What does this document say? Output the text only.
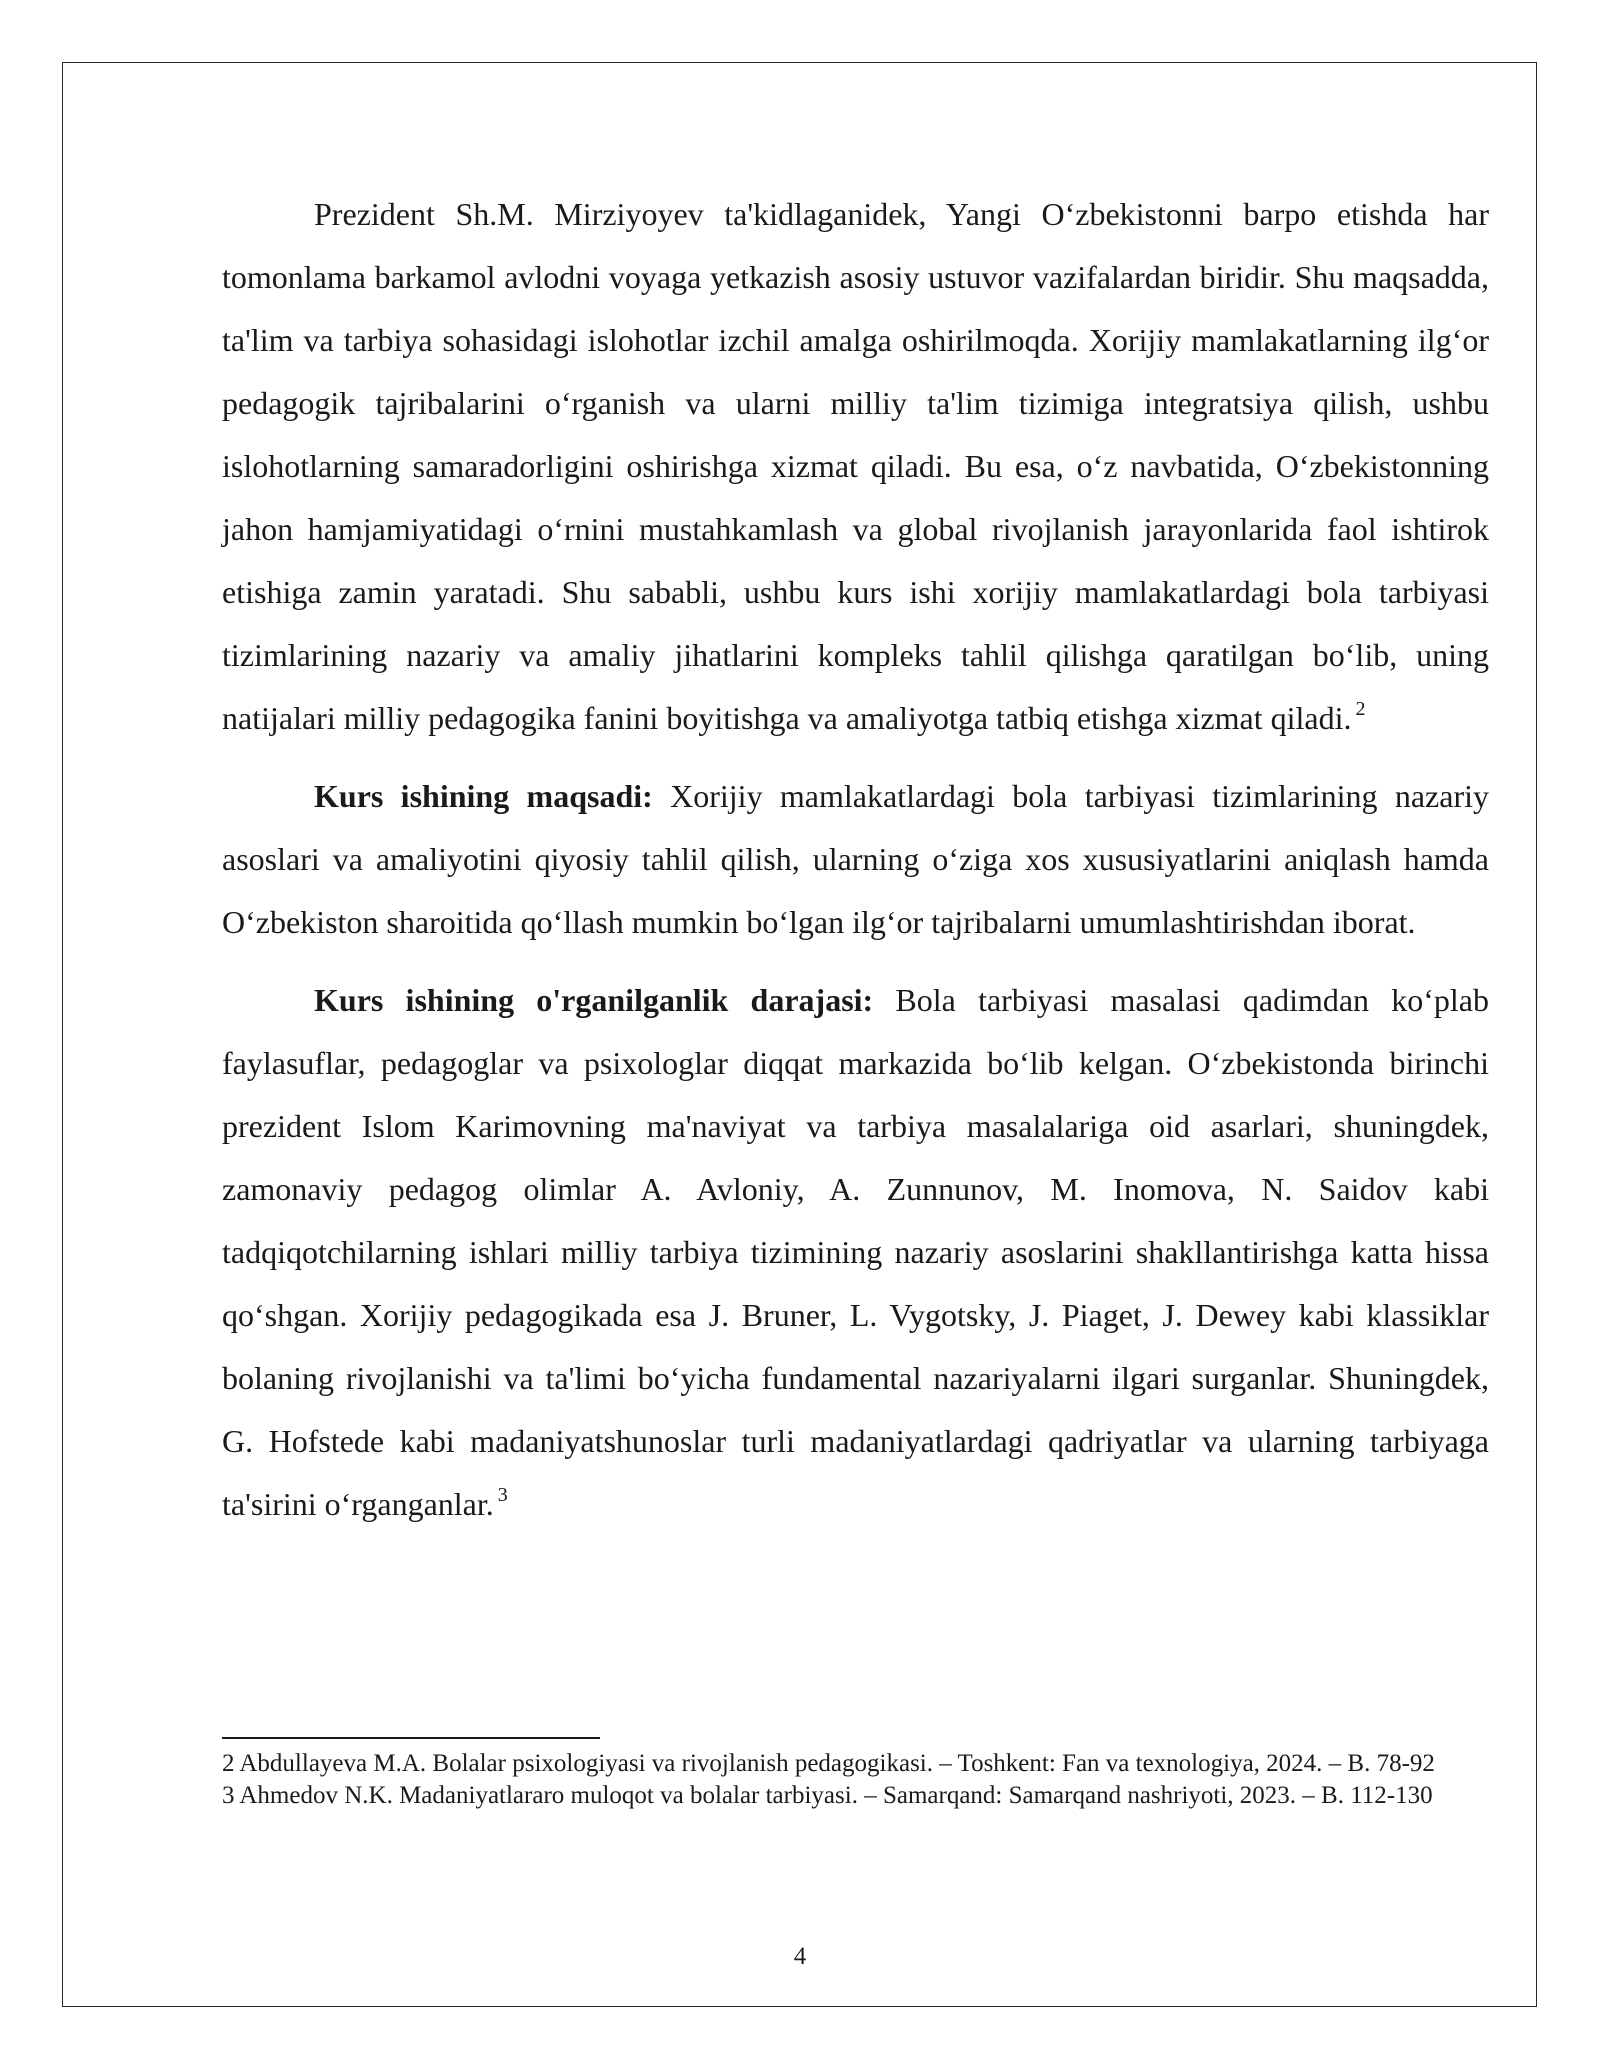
Prezident Sh.M. Mirziyoyev ta'kidlaganidek, Yangi O‘zbekistonni barpo etishda har tomonlama barkamol avlodni voyaga yetkazish asosiy ustuvor vazifalardan biridir. Shu maqsadda, ta'lim va tarbiya sohasidagi islohotlar izchil amalga oshirilmoqda. Xorijiy mamlakatlarning ilg‘or pedagogik tajribalarini o‘rganish va ularni milliy ta'lim tizimiga integratsiya qilish, ushbu islohotlarning samaradorligini oshirishga xizmat qiladi. Bu esa, o‘z navbatida, O‘zbekistonning jahon hamjamiyatidagi o‘rnini mustahkamlash va global rivojlanish jarayonlarida faol ishtirok etishiga zamin yaratadi. Shu sababli, ushbu kurs ishi xorijiy mamlakatlardagi bola tarbiyasi tizimlarining nazariy va amaliy jihatlarini kompleks tahlil qilishga qaratilgan bo‘lib, uning natijalari milliy pedagogika fanini boyitishga va amaliyotga tatbiq etishga xizmat qiladi. $^2$

Kurs ishining maqsadi: Xorijiy mamlakatlardagi bola tarbiyasi tizimlarining nazariy asoslari va amaliyotini qiyosiy tahlil qilish, ularning o‘ziga xos xususiyatlarini aniqlash hamda O‘zbekiston sharoitida qo‘llash mumkin bo‘lgan ilg‘or tajribalarni umumlashtirishdan iborat.

Kurs ishining o'rganilganlik darajasi: Bola tarbiyasi masalasi qadimdan ko‘plab faylasuflar, pedagoglar va psixologlar diqqat markazida bo‘lib kelgan. O‘zbekistonda birinchi prezident Islom Karimovning ma'naviyat va tarbiya masalalariga oid asarlari, shuningdek, zamonaviy pedagog olimlar A. Avloniy, A. Zunnunov, M. Inomova, N. Saidov kabi tadqiqotchilarning ishlari milliy tarbiya tizimining nazariy asoslarini shakllantirishga katta hissa qo‘shgan. Xorijiy pedagogikada esa J. Bruner, L. Vygotsky, J. Piaget, J. Dewey kabi klassiklar bolaning rivojlanishi va ta'limi bo‘yicha fundamental nazariyalarni ilgari surganlar. Shuningdek, G. Hofstede kabi madaniyatshunoslar turli madaniyatlardagi qadriyatlar va ularning tarbiyaga ta'sirini o‘rganganlar. $^3$

2 Abdullayeva M.A. Bolalar psixologiyasi va rivojlanish pedagogikasi. – Toshkent: Fan va texnologiya, 2024. – B. 78-92

3 Ahmedov N.K. Madaniyatlararo muloqot va bolalar tarbiyasi. – Samarqand: Samarqand nashriyoti, 2023. – B. 112-130

4
